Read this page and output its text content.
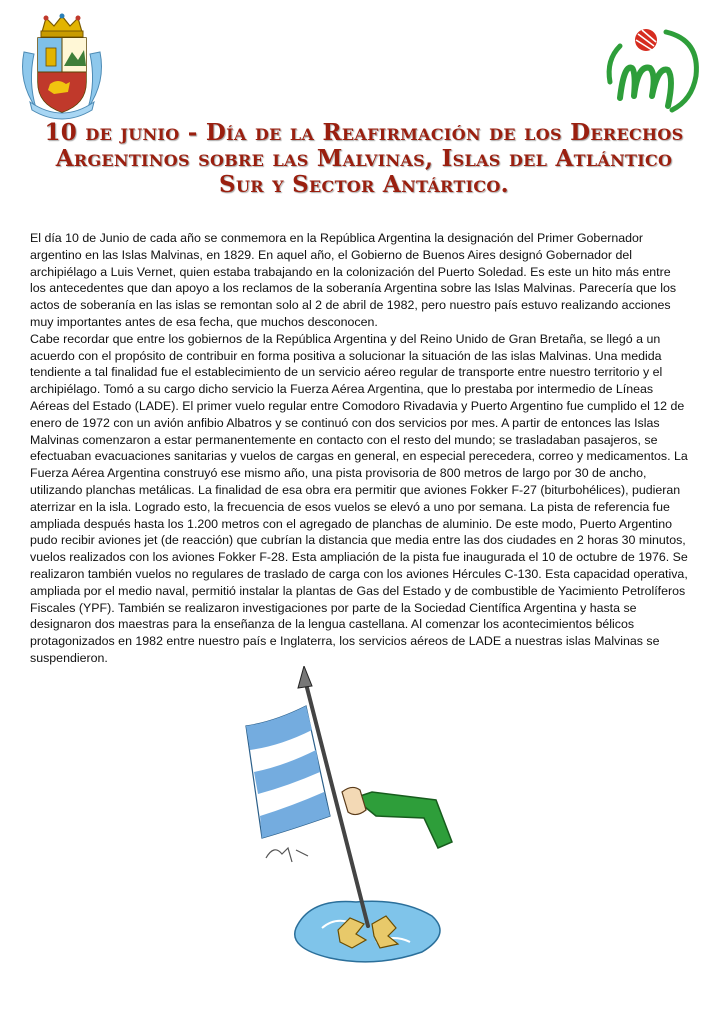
10 de junio - Día de la Reafirmación de los Derechos
Argentinos sobre las Malvinas, Islas del Atlántico
Sur y Sector Antártico.

El día 10 de Junio de cada año se conmemora en la República Argentina la designación del Primer Gobernador argentino en las Islas Malvinas, en 1829. En aquel año, el Gobierno de Buenos Aires designó Gobernador del archipiélago a Luis Vernet, quien estaba trabajando en la colonización del Puerto Soledad. Es este un hito más entre los antecedentes que dan apoyo a los reclamos de la soberanía Argentina sobre las Islas Malvinas. Parecería que los actos de soberanía en las islas se remontan solo al 2 de abril de 1982, pero nuestro país estuvo realizando acciones muy importantes antes de esa fecha, que muchos desconocen.

Cabe recordar que entre los gobiernos de la República Argentina y del Reino Unido de Gran Bretaña, se llegó a un acuerdo con el propósito de contribuir en forma positiva a solucionar la situación de las islas Malvinas. Una medida tendiente a tal finalidad fue el establecimiento de un servicio aéreo regular de transporte entre nuestro territorio y el archipiélago. Tomó a su cargo dicho servicio la Fuerza Aérea Argentina, que lo prestaba por intermedio de Líneas Aéreas del Estado (LADE). El primer vuelo regular entre Comodoro Rivadavia y Puerto Argentino fue cumplido el 12 de enero de 1972 con un avión anfibio Albatros y se continuó con dos servicios por mes. A partir de entonces las Islas Malvinas comenzaron a estar permanentemente en contacto con el resto del mundo; se trasladaban pasajeros, se efectuaban evacuaciones sanitarias y vuelos de cargas en general, en especial perecedera, correo y medicamentos. La Fuerza Aérea Argentina construyó ese mismo año, una pista provisoria de 800 metros de largo por 30 de ancho, utilizando planchas metálicas. La finalidad de esa obra era permitir que aviones Fokker F-27 (biturbohélices), pudieran aterrizar en la isla. Logrado esto, la frecuencia de esos vuelos se elevó a uno por semana. La pista de referencia fue ampliada después hasta los 1.200 metros con el agregado de planchas de aluminio. De este modo, Puerto Argentino pudo recibir aviones jet (de reacción) que cubrían la distancia que media entre las dos ciudades en 2 horas 30 minutos, vuelos realizados con los aviones Fokker F-28. Esta ampliación de la pista fue inaugurada el 10 de octubre de 1976. Se realizaron también vuelos no regulares de traslado de carga con los aviones Hércules C-130. Esta capacidad operativa, ampliada por el medio naval, permitió instalar la plantas de Gas del Estado y de combustible de Yacimiento Petrolíferos Fiscales (YPF). También se realizaron investigaciones por parte de la Sociedad Científica Argentina y hasta se designaron dos maestras para la enseñanza de la lengua castellana. Al comenzar los acontecimientos bélicos protagonizados en 1982 entre nuestro país e Inglaterra, los servicios aéreos de LADE a nuestras islas Malvinas se suspendieron.
